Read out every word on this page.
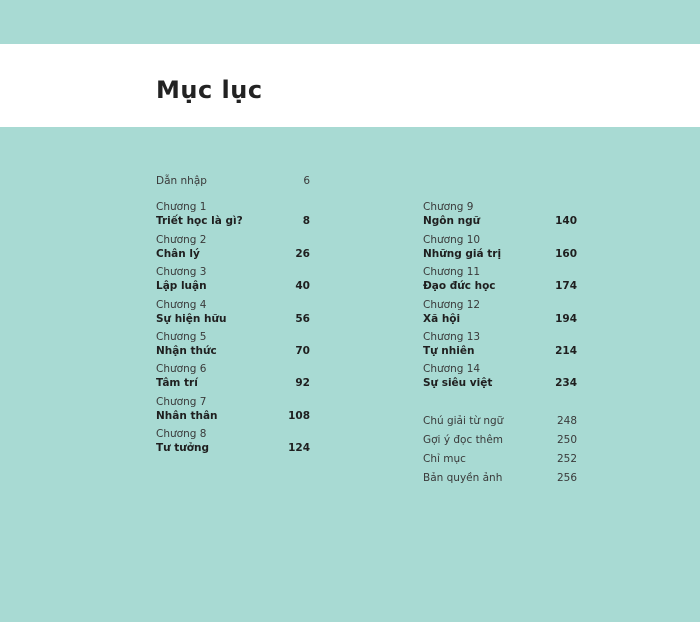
Mục lục
Dẫn nhập	6
Chương 1
Triết học là gì?	8
Chương 2
Chân lý	26
Chương 3
Lập luận	40
Chương 4
Sự hiện hữu	56
Chương 5
Nhận thức	70
Chương 6
Tâm trí	92
Chương 7
Nhân thân	108
Chương 8
Tư tưởng	124
Chương 9
Ngôn ngữ	140
Chương 10
Những giá trị	160
Chương 11
Đạo đức học	174
Chương 12
Xã hội	194
Chương 13
Tự nhiên	214
Chương 14
Sự siêu việt	234
Chú giải từ ngữ	248
Gợi ý đọc thêm	250
Chỉ mục	252
Bản quyền ảnh	256
